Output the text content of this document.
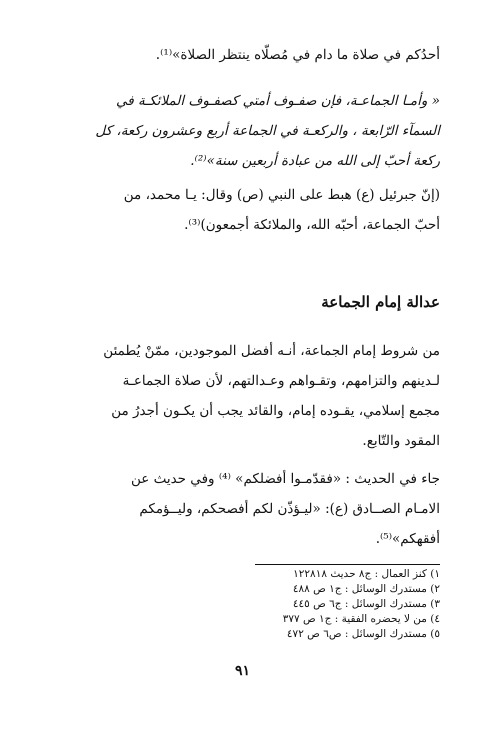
أحدُكم في صلاة ما دام في مُصلّاه ينتظر الصلاة»⁽¹⁾.
« وأمـا الجماعـة، فإن صفـوف أمتي كصفـوف الملائكـة في
السمآء الرّابعة ، والركعـة في الجماعة أربع وعشرون ركعة، كل
ركعة أحبّ إلى الله من عبادة أربعين سنة»⁽²⁾.
(إنّ جبرئيل (ع) هبط على النبي (ص) وقال: يـا محمد، من
أحبّ الجماعة، أحبّه الله، والملائكة أجمعون)⁽³⁾.
عدالة إمام الجماعة
من شروط إمام الجماعة، أنـه أفضل الموجودين، ممّنْ يُطمئن
لـدينهم والتزامهم، وتقـواهم وعـدالتهم، لأن صلاة الجماعـة
مجمع إسلامي، يقـوده إمام، والقائد يجب أن يكـون أجدرُ من
المقود والتّابع.
جاء في الحديث : «فقدّمـوا أفضلكم» ⁽⁴⁾ وفي حديث عن
الامـام الصــادق (ع): «ليـؤذّن لكم أفصحكم، وليــؤمكم
أفقهكم»⁽⁵⁾.
١) كنز العمال : ج٨ حديث ١٢٢٨١٨
٢) مستدرك الوسائل : ج١ ص ٤٨٨
٣) مستدرك الوسائل : ج٦ ص ٤٤٥
٤) من لا يحضره الفقية : ج١ ص ٣٧٧
٥) مستدرك الوسائل : ص٦ ص ٤٧٢
٩١
